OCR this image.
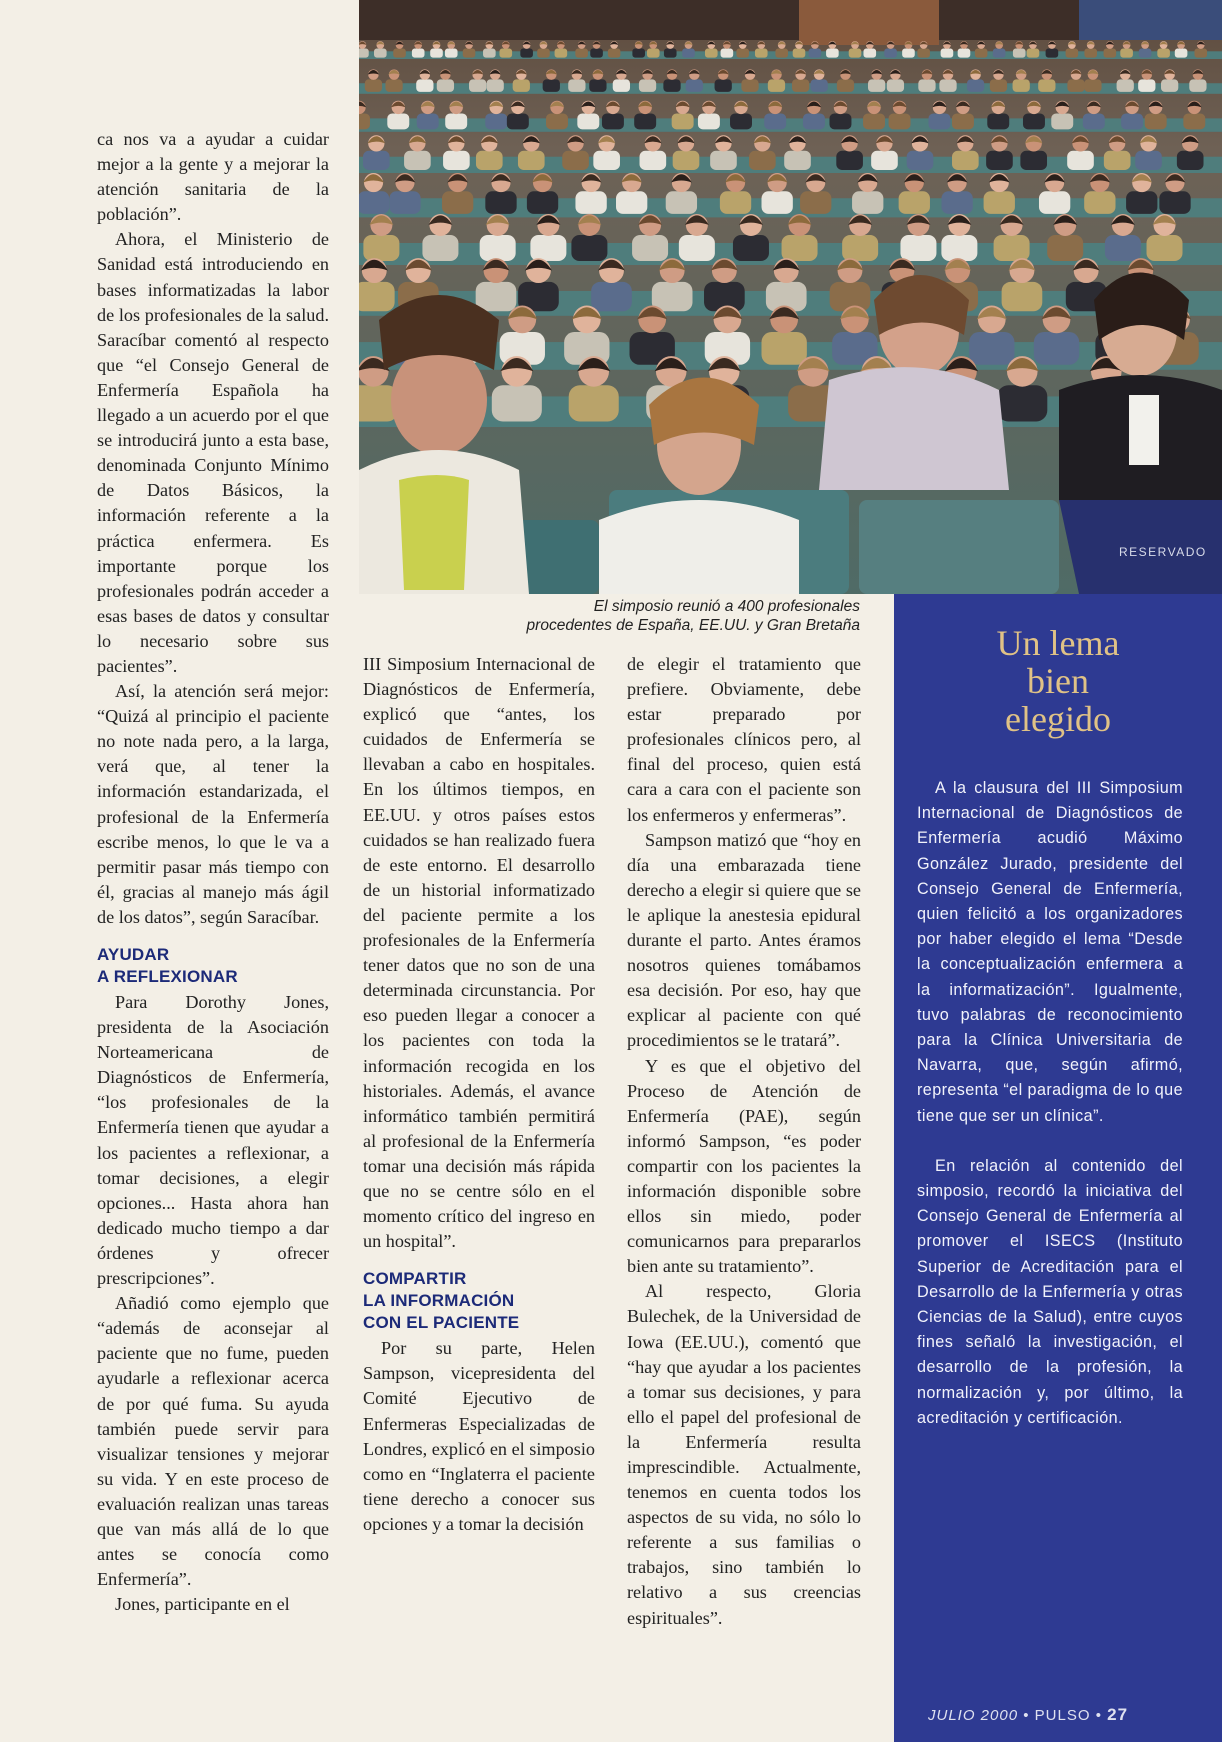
RESERVADO
El simposio reunió a 400 profesionales
procedentes de España, EE.UU. y Gran Bretaña

ca nos va a ayudar a cuidar mejor a la gente y a mejorar la atención sanitaria de la población”.

Ahora, el Ministerio de Sanidad está introduciendo en bases informatizadas la labor de los profesionales de la salud. Saracíbar comentó al respecto que “el Consejo General de Enfermería Española ha llegado a un acuerdo por el que se introducirá junto a esta base, denominada Conjunto Mínimo de Datos Básicos, la información referente a la práctica enfermera. Es importante porque los profesionales podrán acceder a esas bases de datos y consultar lo necesario sobre sus pacientes”.

Así, la atención será mejor: “Quizá al principio el paciente no note nada pero, a la larga, verá que, al tener la información estandarizada, el profesional de la Enfermería escribe menos, lo que le va a permitir pasar más tiempo con él, gracias al manejo más ágil de los datos”, según Saracíbar.

AYUDAR
A REFLEXIONAR

Para Dorothy Jones, presidenta de la Asociación Norteamericana de Diagnósticos de Enfermería, “los profesionales de la Enfermería tienen que ayudar a los pacientes a reflexionar, a tomar decisiones, a elegir opciones... Hasta ahora han dedicado mucho tiempo a dar órdenes y ofrecer prescripciones”.

Añadió como ejemplo que “además de aconsejar al paciente que no fume, pueden ayudarle a reflexionar acerca de por qué fuma. Su ayuda también puede servir para visualizar tensiones y mejorar su vida. Y en este proceso de evaluación realizan unas tareas que van más allá de lo que antes se conocía como Enfermería”.

Jones, participante en el

III Simposium Internacional de Diagnósticos de Enfermería, explicó que “antes, los cuidados de Enfermería se llevaban a cabo en hospitales. En los últimos tiempos, en EE.UU. y otros países estos cuidados se han realizado fuera de este entorno. El desarrollo de un historial informatizado del paciente permite a los profesionales de la Enfermería tener datos que no son de una determinada circunstancia. Por eso pueden llegar a conocer a los pacientes con toda la información recogida en los historiales. Además, el avance informático también permitirá al profesional de la Enfermería tomar una decisión más rápida que no se centre sólo en el momento crítico del ingreso en un hospital”.

COMPARTIR
LA INFORMACIÓN
CON EL PACIENTE

Por su parte, Helen Sampson, vicepresidenta del Comité Ejecutivo de Enfermeras Especializadas de Londres, explicó en el simposio como en “Inglaterra el paciente tiene derecho a conocer sus opciones y a tomar la decisión

de elegir el tratamiento que prefiere. Obviamente, debe estar preparado por profesionales clínicos pero, al final del proceso, quien está cara a cara con el paciente son los enfermeros y enfermeras”.

Sampson matizó que “hoy en día una embarazada tiene derecho a elegir si quiere que se le aplique la anestesia epidural durante el parto. Antes éramos nosotros quienes tomábamos esa decisión. Por eso, hay que explicar al paciente con qué procedimientos se le tratará”.

Y es que el objetivo del Proceso de Atención de Enfermería (PAE), según informó Sampson, “es poder compartir con los pacientes la información disponible sobre ellos sin miedo, poder comunicarnos para prepararlos bien ante su tratamiento”.

Al respecto, Gloria Bulechek, de la Universidad de Iowa (EE.UU.), comentó que “hay que ayudar a los pacientes a tomar sus decisiones, y para ello el papel del profesional de la Enfermería resulta imprescindible. Actualmente, tenemos en cuenta todos los aspectos de su vida, no sólo lo referente a sus familias o trabajos, sino también lo relativo a sus creencias espirituales”.

Un lema
bien
elegido

A la clausura del III Simposium Internacional de Diagnósticos de Enfermería acudió Máximo González Jurado, presidente del Consejo General de Enfermería, quien felicitó a los organizadores por haber elegido el lema “Desde la conceptualización enfermera a la informatización”. Igualmente, tuvo palabras de reconocimiento para la Clínica Universitaria de Navarra, que, según afirmó, representa “el paradigma de lo que tiene que ser un clínica”.

En relación al contenido del simposio, recordó la iniciativa del Consejo General de Enfermería al promover el ISECS (Instituto Superior de Acreditación para el Desarrollo de la Enfermería y otras Ciencias de la Salud), entre cuyos fines señaló la investigación, el desarrollo de la profesión, la normalización y, por último, la acreditación y certificación.

JULIO 2000 • PULSO • 27
